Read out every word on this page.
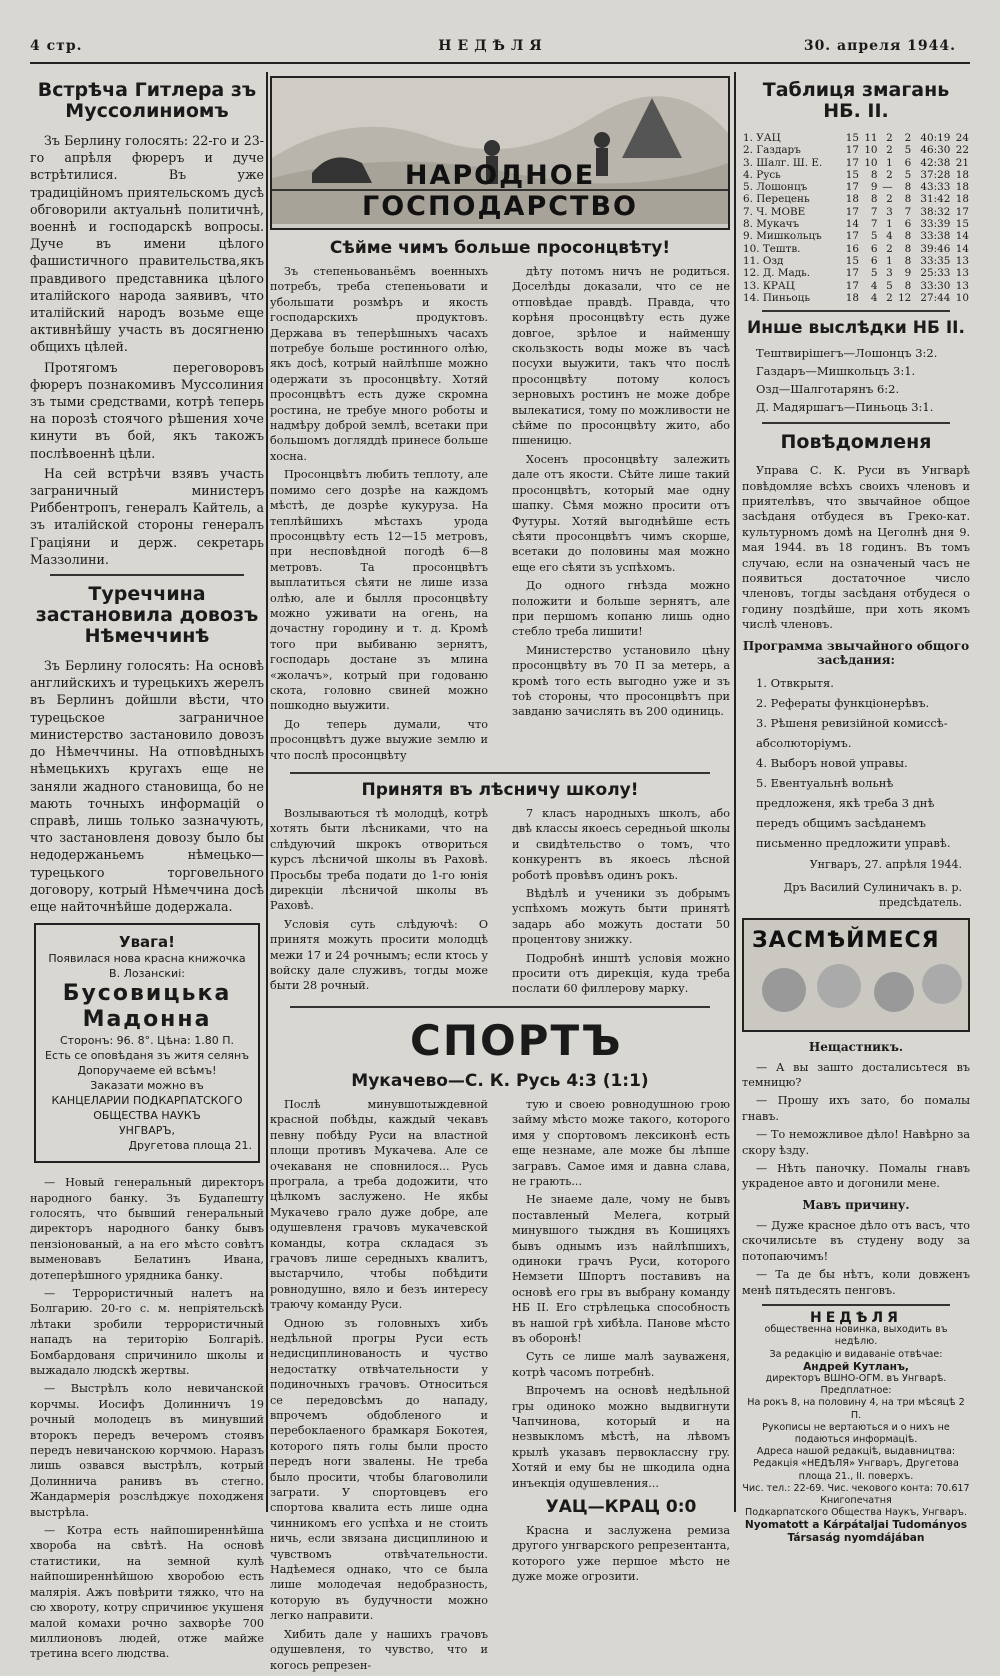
4 стр.	НЕДѢЛЯ	30. апреля 1944.
Встрѣча Гитлера зъ Муссолиниомъ

Зъ Берлину голосять: 22-го и 23-го апрѣля фюреръ и дуче встрѣтилися. Въ уже традицiйномъ приятельскомъ дусѣ обговорили актуальнѣ политичнѣ, военнѣ и господарскѣ вопросы. Дуче въ имени цѣлого фашистичного правительства,якъ правдивого представника цѣлого италiйского народа заявивъ, что италiйский народъ возьме еще активнѣйшу участь въ досягненю общихъ цѣлей.

Протягомъ переговоровъ фюреръ познакомивъ Муссолиния зъ тыми средствами, котрѣ теперь на порозѣ стоячого рѣшения хоче кинути въ бой, якъ такожъ послѣвоеннѣ цѣли.

На сей встрѣчи взявъ участь заграничный министеръ Риббентропъ, генералъ Кайтель, а зъ италiйской стороны генералъ Грацiяни и держ. секретарь Маззолини.

Туреччина застановила довозъ Нѣмеччинѣ

Зъ Берлину голосять: На основѣ английскихъ и турецькихъ жерелъ въ Берлинъ дойшли вѣсти, что турецьское заграничное министерство застановило довозъ до Нѣмеччины. На отповѣдныхъ нѣмецькихъ кругахъ еще не заняли жадного становища, бо не мають точныхъ информацiй о справѣ, лишь только зазначують, что застановленя довозу было бы недодержаньемъ нѣмецько—турецького торговельного договору, котрый Нѣмеччина досѣ еще найточнѣйше додержала.

Увага!
Появилася нова красна книжочка
В. Лозанскиi:
Бусовицька Мадонна
Сторонъ: 96. 8°. Цѣна: 1.80 П.
Есть се оповѣданя зъ житя селянъ
Допоручаеме ей всѣмъ!
Заказати можно въ
КАНЦЕЛАРИИ ПОДКАРПАТСКОГО ОБЩЕСТВА НАУКЪ
УНГВАРЪ,
Другетова площа 21.

— Новый генеральный директоръ народного банку. Зъ Будапешту голосять, что бывший генеральный директоръ народного банку бывъ пензiонованый, а на его мѣсто совѣтъ выменовавъ Белатинъ Ивана, дотеперѣшного урядника банку.

— Террористичный налетъ на Болгарию. 20-го с. м. непрiятельскѣ лѣтаки зробили террористичный нападъ на територiю Болгарiѣ. Бомбардованя спричинило школы и выжадало людскѣ жертвы.

— Выстрѣлъ коло невичанской корчмы. Иосифъ Долинничъ 19 рочный молодецъ въ минувший второкъ передъ вечеромъ стоявъ передъ невичанскою корчмою. Наразъ лишь озвався выстрѣлъ, котрый Долиннича ранивъ въ стегно. Жандармерiя розслѣджує походженя выстрѣла.

— Котра есть найпоширеннѣйша хвороба на свѣтѣ. На основѣ статистики, на земной кулѣ найпоширеннѣйшою хворобою есть малярiя. Ажъ повѣрити тяжко, что на сю хвороту, котру спричинює укушеня малой комахи рочно захворѣе 700 миллионовъ людей, отже майже третина всего людства.

НАРОДНОЕ ГОСПОДАРСТВО
Сѣйме чимъ больше просонцвѣту!

Зъ степеньованьёмъ военныхъ потребъ, треба степеньовати и убольшати розмѣръ и якость господарскихъ продуктовъ. Держава въ теперѣшныхъ часахъ потребуе больше ростинного олѣю, якъ досѣ, котрый найлѣпше можно одержати зъ просонцвѣту. Хотяй просонцвѣтъ есть дуже скромна ростина, не требуе много роботы и надмѣру доброй землѣ, всетаки при большомъ догляддѣ принесе больше хосна.

Просонцвѣтъ любить теплоту, але помимо сего дозрѣе на каждомъ мѣстѣ, де дозрѣе кукуруза. На теплѣйшихъ мѣстахъ урода просонцвѣту есть 12—15 метровъ, при несповѣдной погодѣ 6—8 метровъ. Та просонцвѣтъ выплатиться сѣяти не лише изза олѣю, але и былля просонцвѣту можно уживати на огень, на дочастну городину и т. д. Кромѣ того при выбиваню зернятъ, господарь достане зъ млина «жолачъ», котрый при годованю скота, головно свиней можно пошкодно выужити.

До теперь думали, что просонцвѣтъ дуже выужие землю и что послѣ просонцвѣту

дѣту потомъ ничъ не родиться. Доселѣды доказали, что се не отповѣдае правдѣ. Правда, что корѣня просонцвѣту есть дуже довгое, зрѣлое и найменшу скользкость воды може въ часѣ посухи выужити, такъ что послѣ просонцвѣту потому колосъ зерновыхъ ростинъ не може добре вылекатися, тому по можливости не сѣйме по просонцвѣту жито, або пшеницю.

Хосенъ просонцвѣту залежить дале отъ якости. Сѣйте лише такий просонцвѣтъ, который мае одну шапку. Сѣмя можно просити отъ Футуры. Хотяй выгоднѣйше есть сѣяти просонцвѣтъ чимъ скорше, всетаки до половины мая можно еще его сѣяти зъ успѣхомъ.

До одного гнѣзда можно положити и больше зернятъ, але при першомъ копаню лишь одно стебло треба лишити!

Министерство установило цѣну просонцвѣту въ 70 П за метерь, а кромѣ того есть выгодно уже и зъ тоѣ стороны, что просонцвѣтъ при завданю зачислять въ 200 одиниць.

Принятя въ лѣсничу школу!

Возлываються тѣ молодцѣ, котрѣ хотять быти лѣсниками, что на слѣдуючий шкрокъ отвориться курсъ лѣсничой школы въ Раховѣ. Просьбы треба подати до 1-го юнiя дирекцiи лѣсничой школы въ Раховѣ.

Условiя суть слѣдуючѣ: О принятя можуть просити молодцѣ межи 17 и 24 рочнымъ; если ктось у войску дале служивъ, тогды може быти 28 рочный.

7 класъ народныхъ школъ, або двѣ классы якоесь середньой школы и свидѣтельство о томъ, что конкурентъ въ якоесь лѣсной роботѣ провѣвъ одинъ рокъ.

Вѣдѣлѣ и ученики зъ добрымъ успѣхомъ можуть быти принятѣ задарь або можуть достати 50 процентову знижку.

Подробнѣ инштѣ условiя можно просити отъ дирекцiя, куда треба послати 60 филлерову марку.

СПОРТЪ
Мукачево—С. К. Русь 4:3 (1:1)

Послѣ минувшотыждевной красной побѣды, каждый чекавъ певну побѣду Руси на властной площи противъ Мукачева. Але се очекаваня не сповнилося... Русь програла, а треба додожити, что цѣлкомъ заслуженo. Не якбы Мукачево грало дуже добре, але одушевленя грачовъ мукачевской команды, котра складася зъ грачовъ лише середныхъ квалитъ, выстарчило, чтобы побѣдити ровнодушно, вяло и безъ интересу траючу команду Руси.

Одною зъ головныхъ хибъ недѣльной прогры Руси есть недисциплинованость и чуство недостатку отвѣчательности у подиночныхъ грачовъ. Относиться се передовсѣмъ до нападу, впрочемъ обдобленого и перебоклаеного брамкаря Бокотея, которого пять голы были просто передъ ноги звалены. Не треба было просити, чтобы благоволили заграти. У спортовцевъ его спортова квалита есть лише одна чинникомъ его успѣха и не стоить ничь, если звязана дисциплиною и чувствомъ отвѣчательности. Надѣемеся однако, что се была лише молодечая недобразность, которую въ будучности можно легко направити.

Хибить дале у нашихъ грачовъ одушевленя, то чувство, что и когось репрезен-

тую и своею ровнодушною грою займу мѣсто може такого, которого имя у спортовомъ лексиконѣ есть еще незнаме, але може бы лѣпше загравъ. Самое имя и давна слава, не грають...

Не знаеме дале, чому не бывъ поставленый Мелега, котрый минувшого тыждня въ Кошицяхъ бывъ однымъ изъ найлѣпшихъ, одиноки грачъ Руси, которого Немзети Шпортъ поставивъ на основѣ его гры въ выбрану команду НБ II. Его стрѣлецька способность въ нашой грѣ хибѣла. Панове мѣсто въ оборонѣ!

Суть се лише малѣ зауваженя, котрѣ часомъ потребнѣ.

Впрочемъ на основѣ недѣльной гры одиноко можно выдвигнути Чапчинова, который и на незвыкломъ мѣстѣ, на лѣвомъ крылѣ указавъ первоклассну грy. Хотяй и ему бы не шкодила одна инъекцiя одушевления...

УАЦ—КРАЦ 0:0

Красна и заслужена ремиза другого унгварского репрезентанта, которого уже першое мѣсто не дуже може огрозити.

Таблиця змагань НБ. II.
1. УАЦ	15	11	2	2	40:19	24
2. Газдаръ	17	10	2	5	46:30	22
3. Шалг. Ш. Е.	17	10	1	6	42:38	21
4. Русь	15	8	2	5	37:28	18
5. Лошонцъ	17	9	—	8	43:33	18
6. Перецень	18	8	2	8	31:42	18
7. Ч. МОВЕ	17	7	3	7	38:32	17
8. Мукачъ	14	7	1	6	33:39	15
9. Мишкольцъ	17	5	4	8	33:38	14
10. Тештв.	16	6	2	8	39:46	14
11. Озд	15	6	1	8	33:35	13
12. Д. Мадь.	17	5	3	9	25:33	13
13. КРАЦ	17	4	5	8	33:30	13
14. Пиньоць	18	4	2	12	27:44	10
Инше выслѣдки НБ II.
Тештвирiшегъ—Лошонцъ 3:2.
Газдаръ—Мишкольцъ 3:1.
Озд—Шалготарянъ 6:2.
Д. Мадяршагъ—Пиньоць 3:1.
Повѣдомленя

Управа С. К. Руси въ Унгварѣ повѣдомляе всѣхъ своихъ членовъ и приятелѣвъ, что звычайное общое засѣданя отбудеся въ Греко-кат. культурномъ домѣ на Цеголнѣ дня 9. мая 1944. въ 18 годинъ. Въ томъ случаю, если на означеный часъ не появиться достаточное число членовъ, тогды засѣданя отбудеся о годину поздѣйше, при хоть якомъ числѣ членовъ.

Программа звычайного общого засѣдания:
1. Отвкрытя.
2. Рефераты функцiонерѣвъ.
3. Рѣшеня ревизiйной комиссѣ-абсолюторiумъ.
4. Выборъ новой управы.
5. Евентуальнѣ вольнѣ предложеня, якѣ треба 3 днѣ передъ общимъ засѣданемъ письменно предложити управѣ.
Унгваръ, 27. апрѣля 1944.
Дръ Василий Сулиничакъ в. р. предсѣдатель.
ЗАСМѢЙМЕСЯ
Нещастникъ.

— А вы зашто досталисьтеся въ темницю?

— Прошу ихъ зато, бо помалы гнавъ.

— То неможливое дѣло! Навѣрно за скору ѣзду.

— Нѣть паночку. Помалы гнавъ украденое авто и догонили мене.

Мавъ причину.

— Дуже красное дѣло отъ васъ, что скочилисьте въ студену воду за потопаючимъ!

— Та де бы нѣтъ, коли довженъ менѣ пятьдесять пенговъ.

НЕДѢЛЯ
общественна новинка, выходить въ недѣлю.
За редакцiю и видаванiе отвѣчае:
Андрей Кутланъ,
директоръ ВШНО-ОГМ. въ Унгварѣ.
Предплатное:
На рокъ 8, на половину 4, на три мѣсяцѣ 2 П.
Рукописы не вертаються и о нихъ не подаються информацiѣ.
Адреса нашой редакцiѣ, выдавництва:
Редакцiя «НЕДѢЛЯ» Унгваръ, Другетова площа 21., II. поверхъ.
Чис. тел.: 22-69. Чис. чекового конта: 70.617
Книгопечатня
Подкарпатского Общества Наукъ, Унгваръ.
Nyomatott a Kárpátaljai Tudományos Társaság nyomdájában
